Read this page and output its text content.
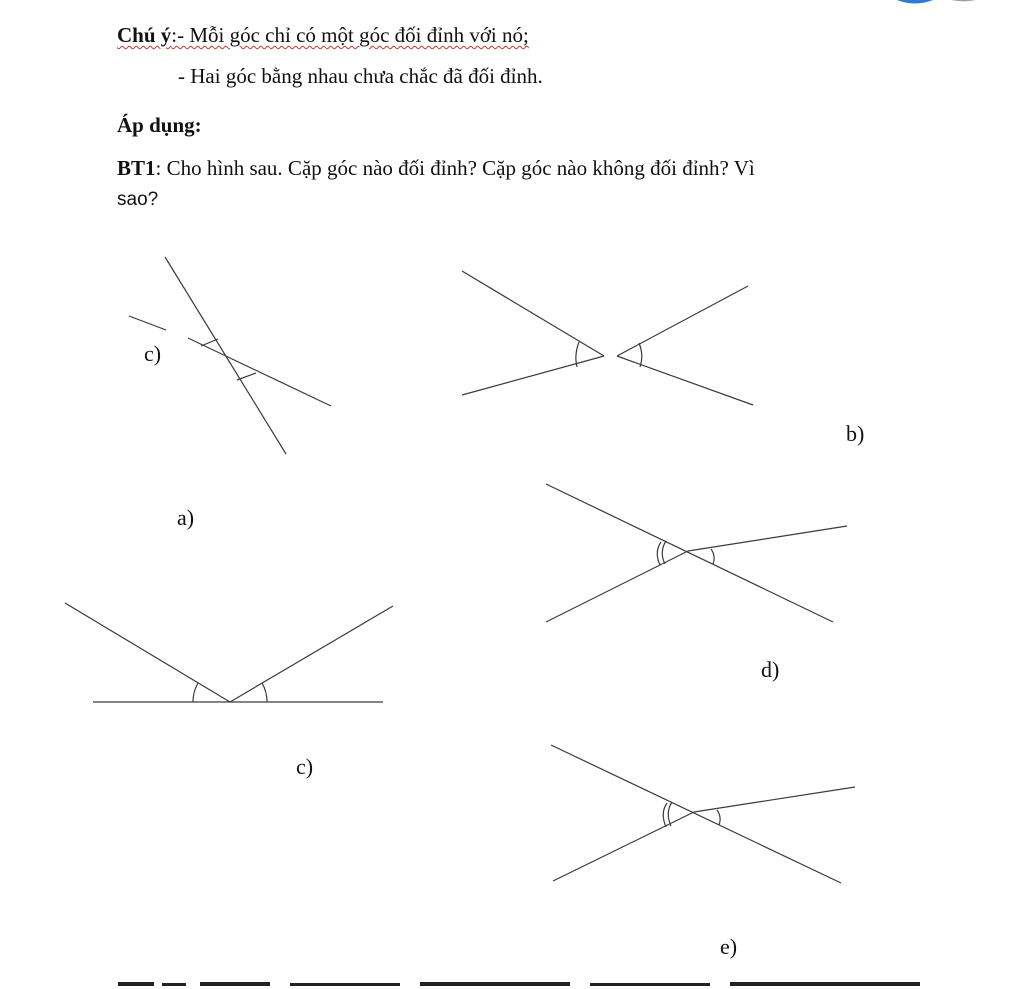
Chú ý:- Mỗi góc chỉ có một góc đối đỉnh với nó;
- Hai góc bằng nhau chưa chắc đã đối đỉnh.
Áp dụng:
BT1: Cho hình sau. Cặp góc nào đối đỉnh? Cặp góc nào không đối đỉnh? Vì
sao?
c)
a)
b)
c)
d)
e)
